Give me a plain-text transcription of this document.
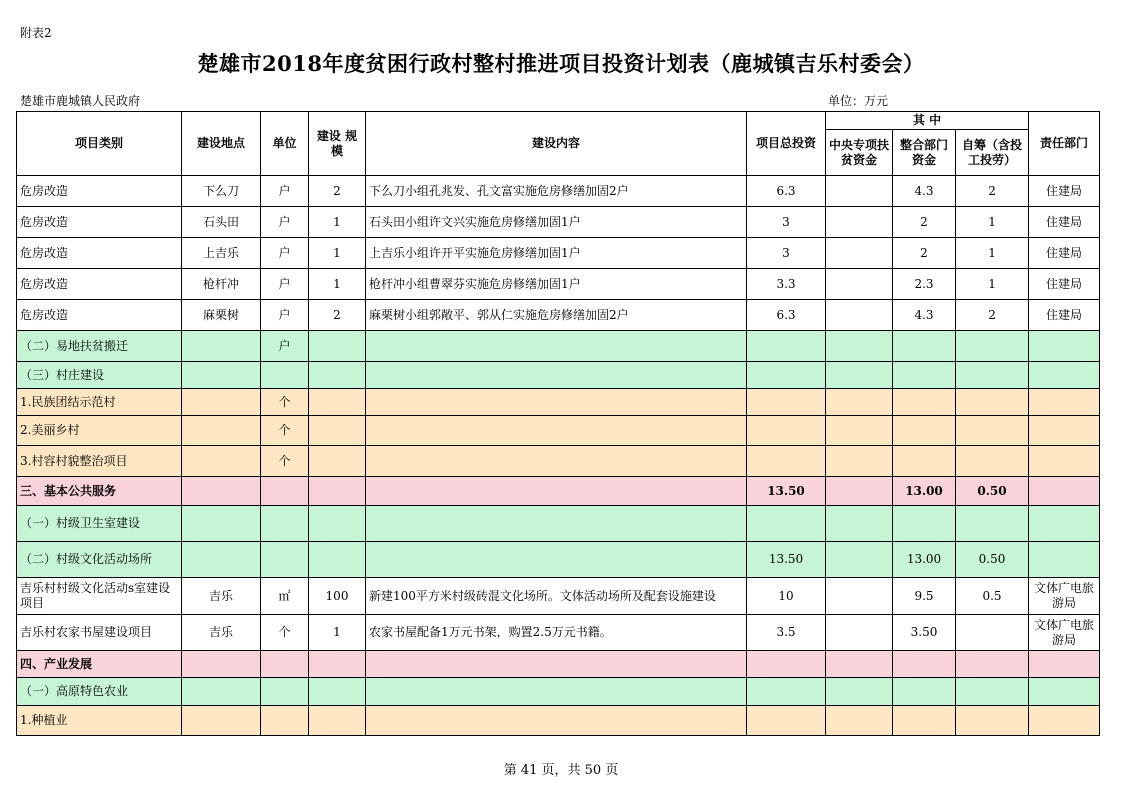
附表2
楚雄市2018年度贫困行政村整村推进项目投资计划表（鹿城镇吉乐村委会）
楚雄市鹿城镇人民政府	单位：万元
项目类别	建设地点	单位	建设 规模	建设内容	项目总投资	其 中			责任部门
						中央专项扶贫资金	整合部门资金	自筹（含投工投劳）	
危房改造	下么刀	户	2	下么刀小组孔兆发、孔文富实施危房修缮加固2户	6.3		4.3	2	住建局
危房改造	石头田	户	1	石头田小组许文兴实施危房修缮加固1户	3		2	1	住建局
危房改造	上吉乐	户	1	上吉乐小组许开平实施危房修缮加固1户	3		2	1	住建局
危房改造	枪杆冲	户	1	枪杆冲小组曹翠芬实施危房修缮加固1户	3.3		2.3	1	住建局
危房改造	麻栗树	户	2	麻栗树小组郭敞平、郭从仁实施危房修缮加固2户	6.3		4.3	2	住建局
（二）易地扶贫搬迁		户							
（三）村庄建设									
1.民族团结示范村		个							
2.美丽乡村		个							
3.村容村貌整治项目		个							
三、基本公共服务					13.50		13.00	0.50	
（一）村级卫生室建设									
（二）村级文化活动场所					13.50		13.00	0.50	
吉乐村村级文化活动s室建设项目	吉乐	㎡	100	新建100平方米村级砖混文化场所。文体活动场所及配套设施建设	10		9.5	0.5	文体广电旅游局
吉乐村农家书屋建设项目	吉乐	个	1	农家书屋配备1万元书架，购置2.5万元书籍。	3.5		3.50		文体广电旅游局
四、产业发展									
（一）高原特色农业									
1.种植业									
第 41 页，共 50 页
